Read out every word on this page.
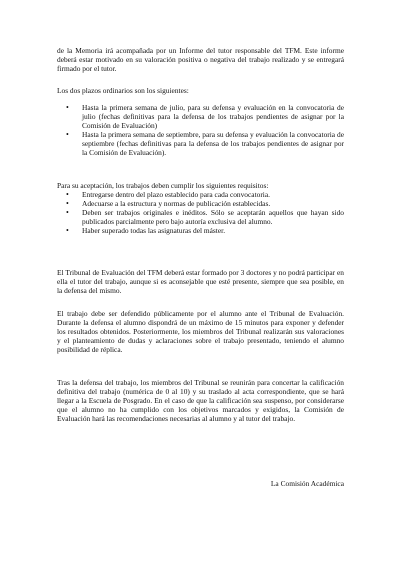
de la Memoria irá acompañada por un Informe del tutor responsable del TFM. Este informe deberá estar motivado en su valoración positiva o negativa del trabajo realizado y se entregará firmado por el tutor.

Los dos plazos ordinarios son los siguientes:

• Hasta la primera semana de julio, para su defensa y evaluación en la convocatoria de julio (fechas definitivas para la defensa de los trabajos pendientes de asignar por la Comisión de Evaluación)
• Hasta la primera semana de septiembre, para su defensa y evaluación la convocatoria de septiembre (fechas definitivas para la defensa de los trabajos pendientes de asignar por la Comisión de Evaluación).

Para su aceptación, los trabajos deben cumplir los siguientes requisitos:

• Entregarse dentro del plazo establecido para cada convocatoria.
• Adecuarse a la estructura y normas de publicación establecidas.
• Deben ser trabajos originales e inéditos. Sólo se aceptarán aquellos que hayan sido publicados parcialmente pero bajo autoría exclusiva del alumno.
• Haber superado todas las asignaturas del máster.

El Tribunal de Evaluación del TFM deberá estar formado por 3 doctores y no podrá participar en ella el tutor del trabajo, aunque si es aconsejable que esté presente, siempre que sea posible, en la defensa del mismo.

El trabajo debe ser defendido públicamente por el alumno ante el Tribunal de Evaluación. Durante la defensa el alumno dispondrá de un máximo de 15 minutos para exponer y defender los resultados obtenidos. Posteriormente, los miembros del Tribunal realizarán sus valoraciones y el planteamiento de dudas y aclaraciones sobre el trabajo presentado, teniendo el alumno posibilidad de réplica.

Tras la defensa del trabajo, los miembros del Tribunal se reunirán para concertar la calificación definitiva del trabajo (numérica de 0 al 10) y su traslado al acta correspondiente, que se hará llegar a la Escuela de Posgrado. En el caso de que la calificación sea suspenso, por considerarse que el alumno no ha cumplido con los objetivos marcados y exigidos, la Comisión de Evaluación hará las recomendaciones necesarias al alumno y al tutor del trabajo.

La Comisión Académica
